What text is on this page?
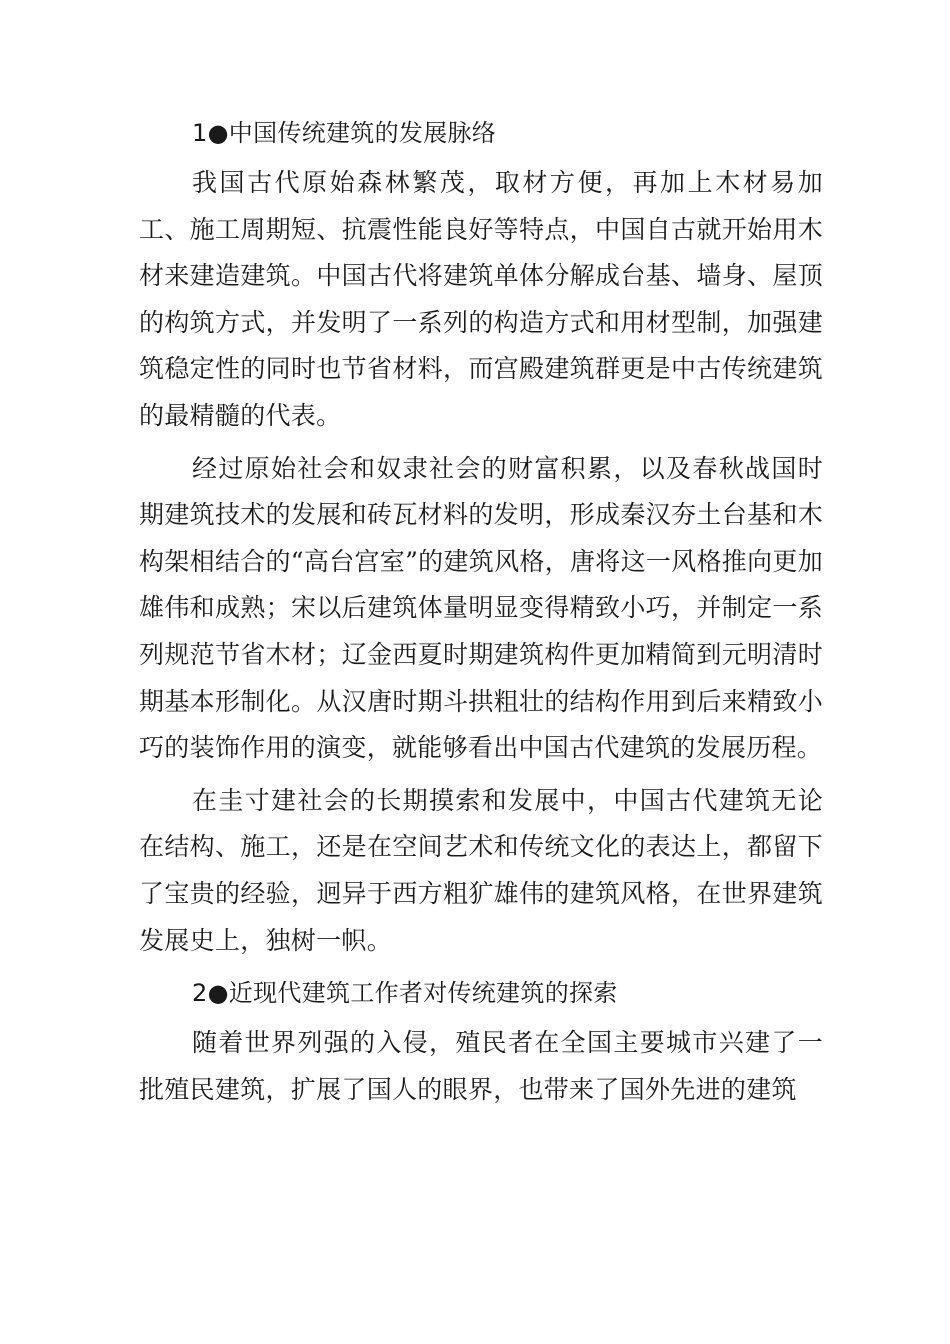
1●中国传统建筑的发展脉络

我国古代原始森林繁茂，取材方便，再加上木材易加工、施工周期短、抗震性能良好等特点，中国自古就开始用木材来建造建筑。中国古代将建筑单体分解成台基、墙身、屋顶的构筑方式，并发明了一系列的构造方式和用材型制，加强建筑稳定性的同时也节省材料，而宫殿建筑群更是中古传统建筑的最精髓的代表。

经过原始社会和奴隶社会的财富积累，以及春秋战国时期建筑技术的发展和砖瓦材料的发明，形成秦汉夯土台基和木构架相结合的“高台宫室”的建筑风格，唐将这一风格推向更加雄伟和成熟；宋以后建筑体量明显变得精致小巧，并制定一系列规范节省木材；辽金西夏时期建筑构件更加精简到元明清时期基本形制化。从汉唐时期斗拱粗壮的结构作用到后来精致小巧的装饰作用的演变，就能够看出中国古代建筑的发展历程。

在圭寸建社会的长期摸索和发展中，中国古代建筑无论在结构、施工，还是在空间艺术和传统文化的表达上，都留下了宝贵的经验，迥异于西方粗犷雄伟的建筑风格，在世界建筑发展史上，独树一帜。

2●近现代建筑工作者对传统建筑的探索

随着世界列强的入侵，殖民者在全国主要城市兴建了一批殖民建筑，扩展了国人的眼界，也带来了国外先进的建筑
